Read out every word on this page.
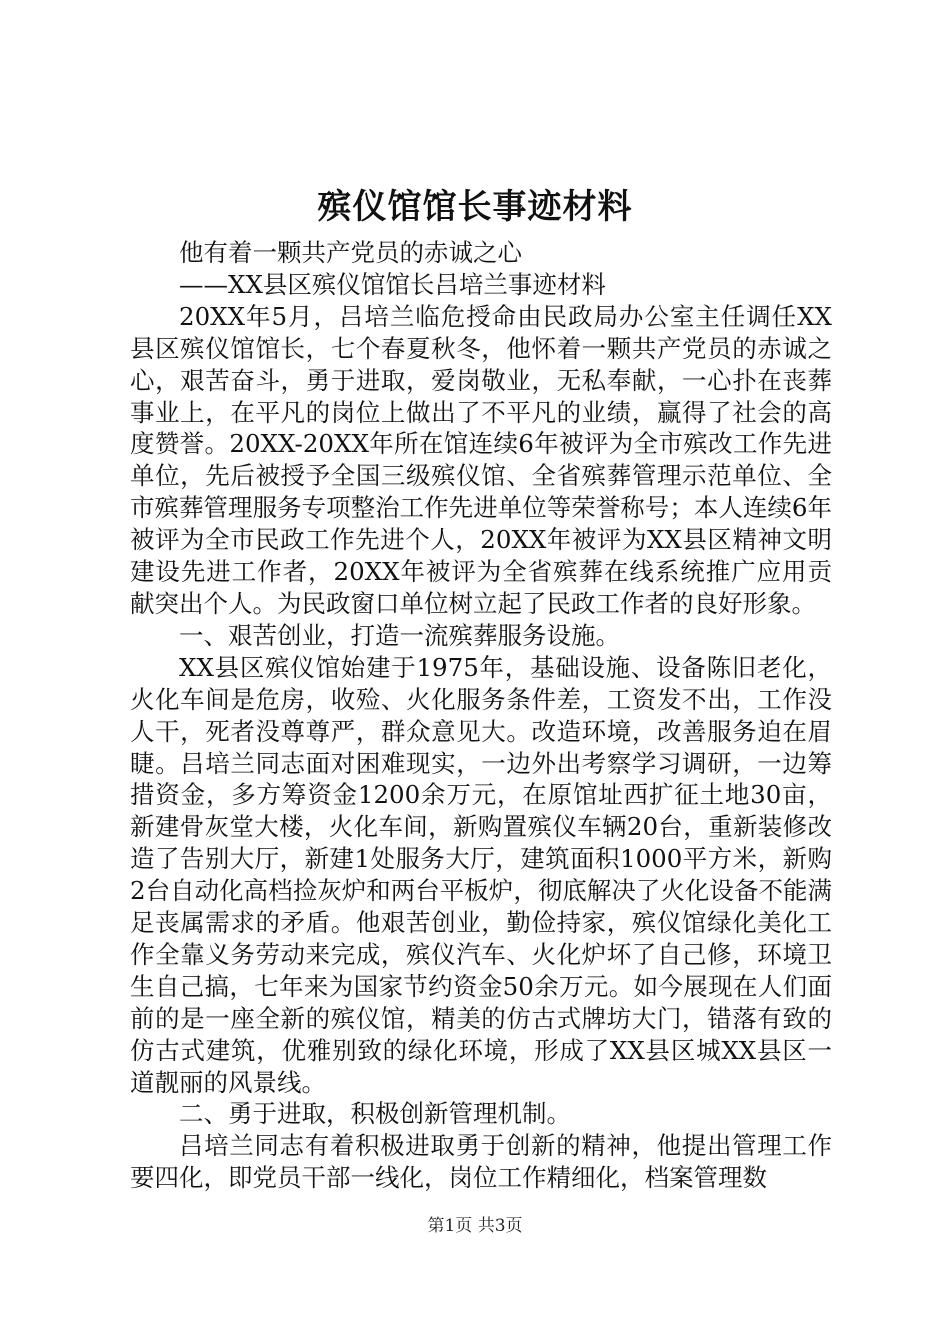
殡仪馆馆长事迹材料

他有着一颗共产党员的赤诚之心

——XX县区殡仪馆馆长吕培兰事迹材料

20XX年5月，吕培兰临危授命由民政局办公室主任调任XX县区殡仪馆馆长，七个春夏秋冬，他怀着一颗共产党员的赤诚之心，艰苦奋斗，勇于进取，爱岗敬业，无私奉献，一心扑在丧葬事业上，在平凡的岗位上做出了不平凡的业绩，赢得了社会的高度赞誉。20XX-20XX年所在馆连续6年被评为全市殡改工作先进单位，先后被授予全国三级殡仪馆、全省殡葬管理示范单位、全市殡葬管理服务专项整治工作先进单位等荣誉称号；本人连续6年被评为全市民政工作先进个人，20XX年被评为XX县区精神文明建设先进工作者，20XX年被评为全省殡葬在线系统推广应用贡献突出个人。为民政窗口单位树立起了民政工作者的良好形象。

一、艰苦创业，打造一流殡葬服务设施。

XX县区殡仪馆始建于1975年，基础设施、设备陈旧老化，火化车间是危房，收殓、火化服务条件差，工资发不出，工作没人干，死者没尊尊严，群众意见大。改造环境，改善服务迫在眉睫。吕培兰同志面对困难现实，一边外出考察学习调研，一边筹措资金，多方筹资金1200余万元，在原馆址西扩征土地30亩，新建骨灰堂大楼，火化车间，新购置殡仪车辆20台，重新装修改造了告别大厅，新建1处服务大厅，建筑面积1000平方米，新购2台自动化高档捡灰炉和两台平板炉，彻底解决了火化设备不能满足丧属需求的矛盾。他艰苦创业，勤俭持家，殡仪馆绿化美化工作全靠义务劳动来完成，殡仪汽车、火化炉坏了自己修，环境卫生自己搞，七年来为国家节约资金50余万元。如今展现在人们面前的是一座全新的殡仪馆，精美的仿古式牌坊大门，错落有致的仿古式建筑，优雅别致的绿化环境，形成了XX县区城XX县区一道靓丽的风景线。

二、勇于进取，积极创新管理机制。

吕培兰同志有着积极进取勇于创新的精神，他提出管理工作要四化，即党员干部一线化，岗位工作精细化，档案管理数

第1页 共3页
